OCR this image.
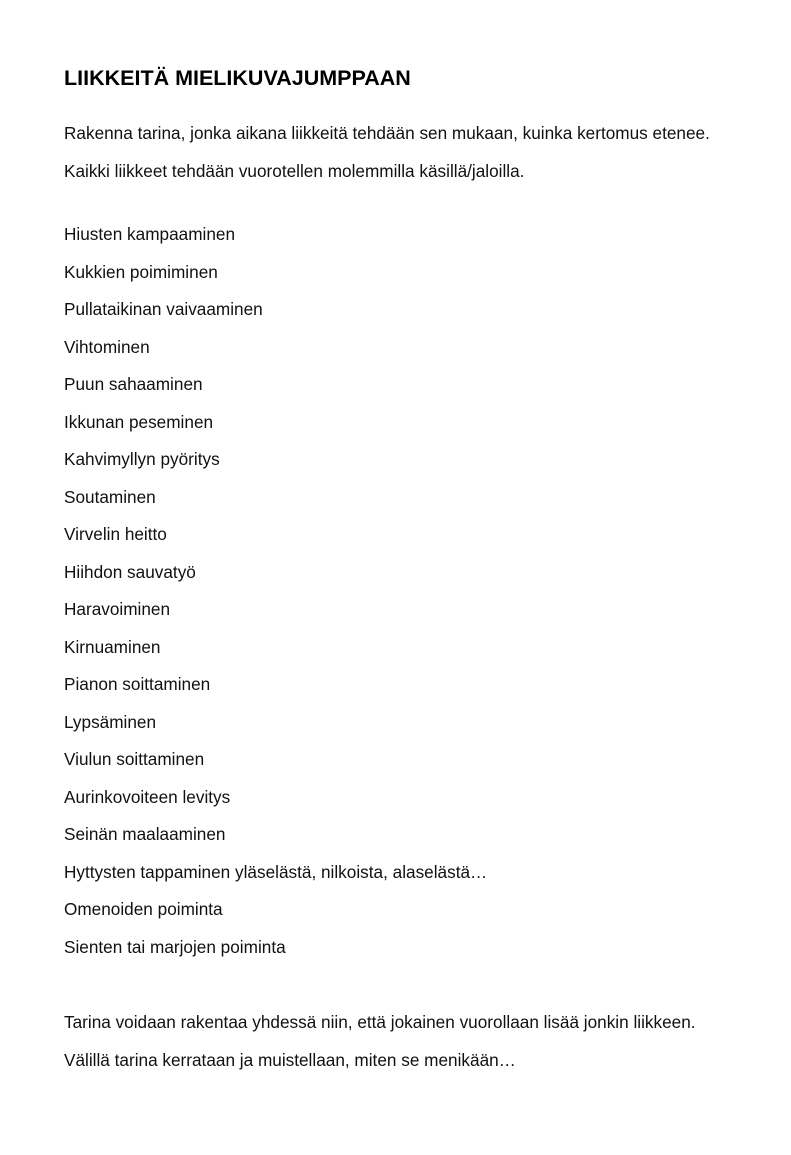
LIIKKEITÄ MIELIKUVAJUMPPAAN

Rakenna tarina, jonka aikana liikkeitä tehdään sen mukaan, kuinka kertomus etenee.

Kaikki liikkeet tehdään vuorotellen molemmilla käsillä/jaloilla.

Hiusten kampaaminen
Kukkien poimiminen
Pullataikinan vaivaaminen
Vihtominen
Puun sahaaminen
Ikkunan peseminen
Kahvimyllyn pyöritys
Soutaminen
Virvelin heitto
Hiihdon sauvatyö
Haravoiminen
Kirnuaminen
Pianon soittaminen
Lypsäminen
Viulun soittaminen
Aurinkovoiteen levitys
Seinän maalaaminen
Hyttysten tappaminen yläselästä, nilkoista, alaselästä…
Omenoiden poiminta
Sienten tai marjojen poiminta

Tarina voidaan rakentaa yhdessä niin, että jokainen vuorollaan lisää jonkin liikkeen.

Välillä tarina kerrataan ja muistellaan, miten se menikään…
